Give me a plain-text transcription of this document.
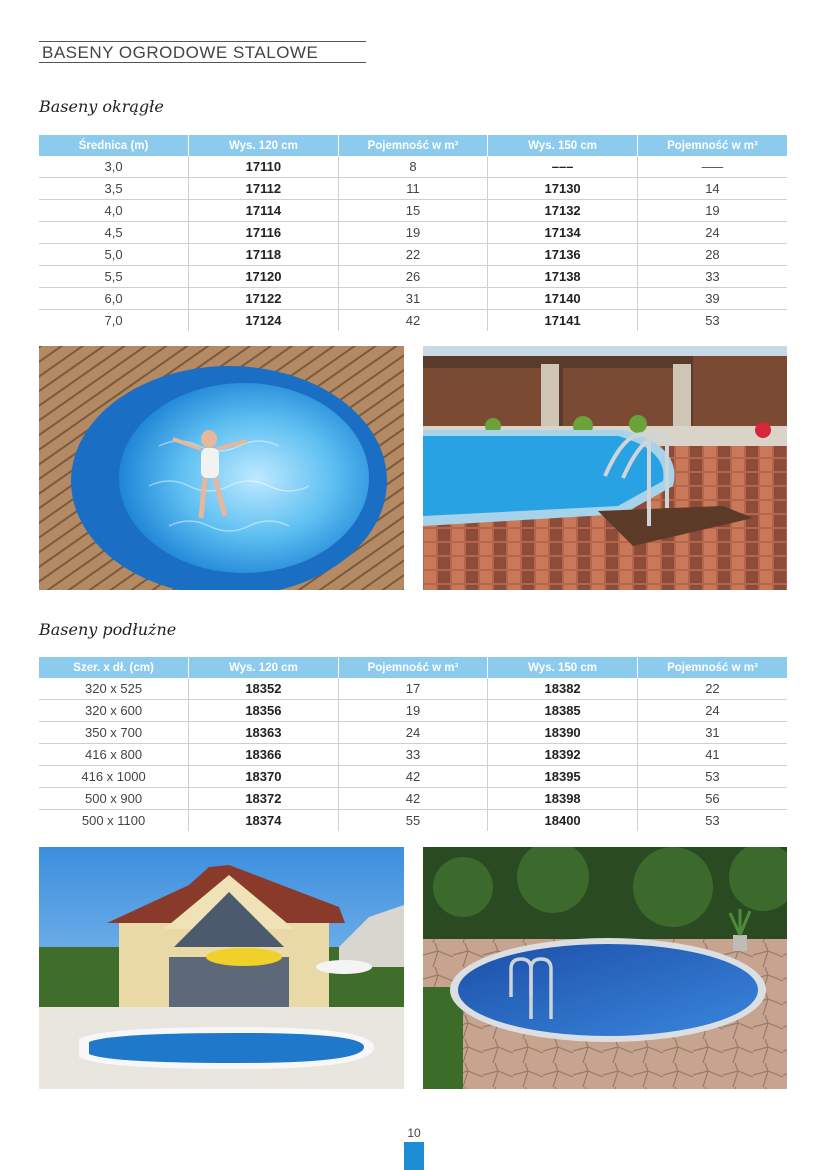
BASENY OGRODOWE STALOWE
Baseny okrągłe
Średnica (m)	Wys. 120 cm	Pojemność w m³	Wys. 150 cm	Pojemność w m³
3,0	17110	8	–––	–––
3,5	17112	11	17130	14
4,0	17114	15	17132	19
4,5	17116	19	17134	24
5,0	17118	22	17136	28
5,5	17120	26	17138	33
6,0	17122	31	17140	39
7,0	17124	42	17141	53
Baseny podłużne
Szer. x dł. (cm)	Wys. 120 cm	Pojemność w m³	Wys. 150 cm	Pojemność w m³
320 x 525	18352	17	18382	22
320 x 600	18356	19	18385	24
350 x 700	18363	24	18390	31
416 x 800	18366	33	18392	41
416 x 1000	18370	42	18395	53
500 x 900	18372	42	18398	56
500 x 1100	18374	55	18400	53
10
